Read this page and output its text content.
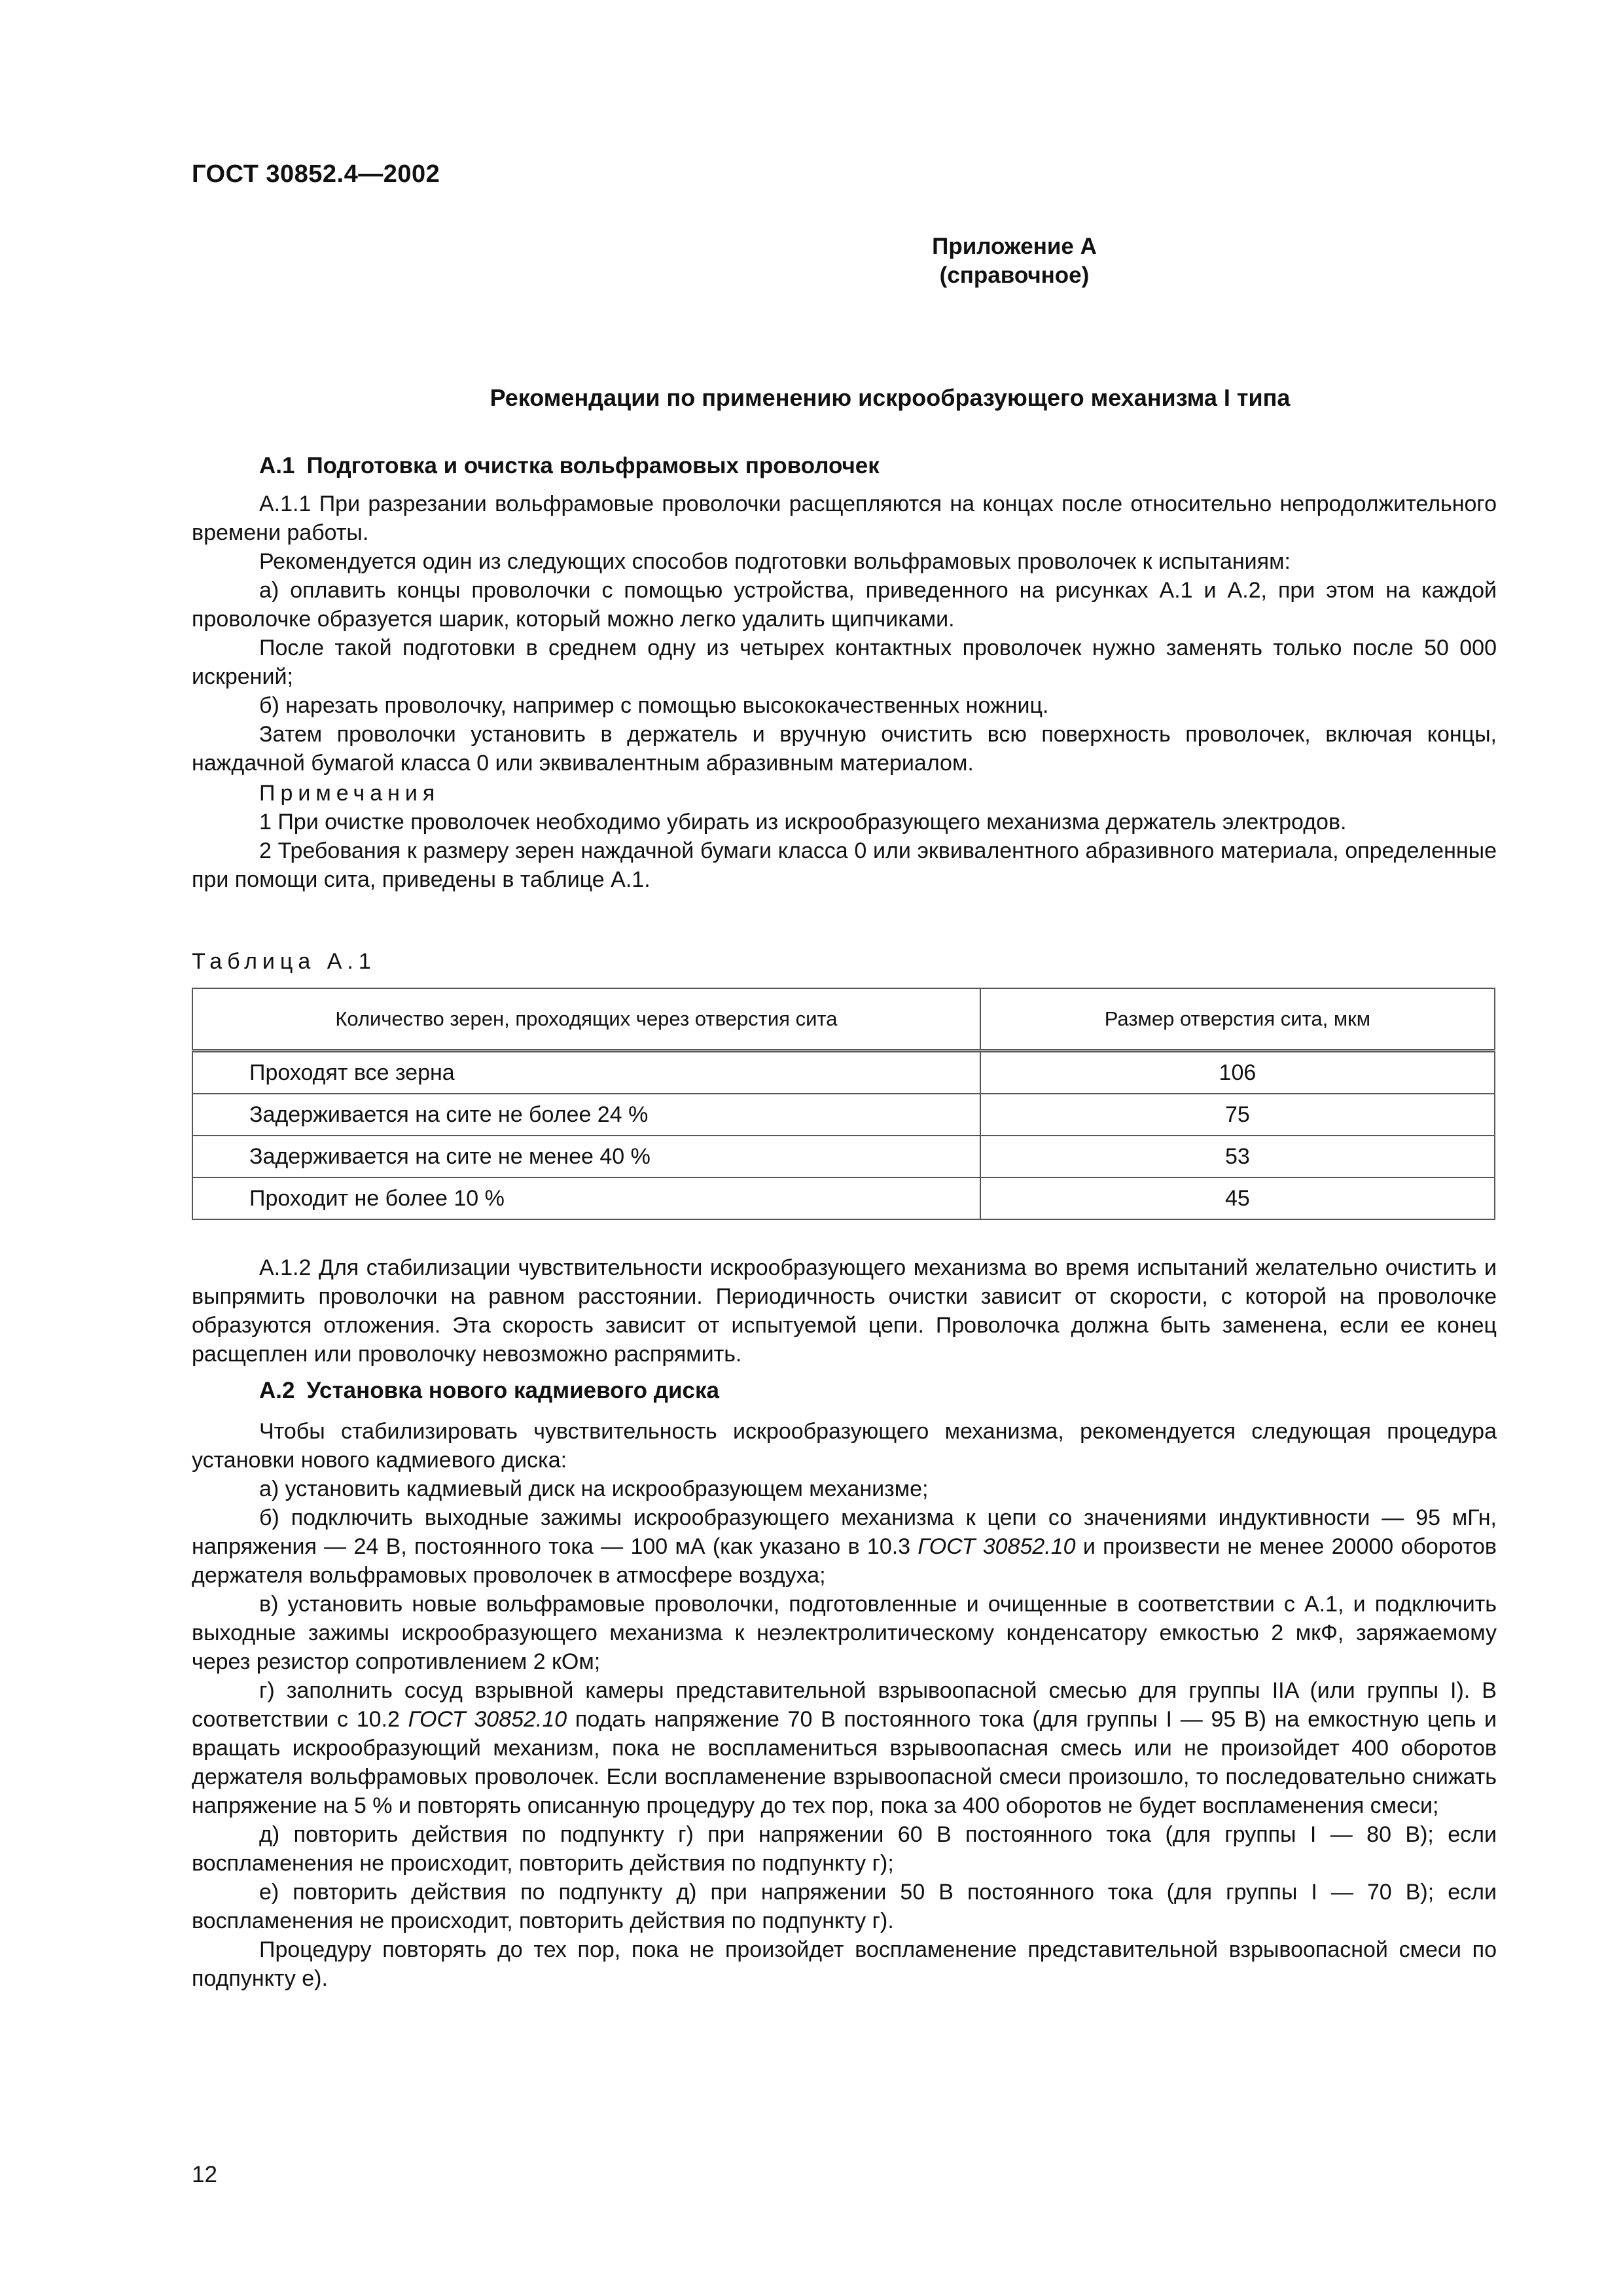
ГОСТ 30852.4—2002
Приложение А
(справочное)
Рекомендации по применению искрообразующего механизма I типа
А.1 Подготовка и очистка вольфрамовых проволочек

А.1.1 При разрезании вольфрамовые проволочки расщепляются на концах после относительно непродолжительного времени работы.

Рекомендуется один из следующих способов подготовки вольфрамовых проволочек к испытаниям:

а) оплавить концы проволочки с помощью устройства, приведенного на рисунках А.1 и А.2, при этом на каждой проволочке образуется шарик, который можно легко удалить щипчиками.

После такой подготовки в среднем одну из четырех контактных проволочек нужно заменять только после 50 000 искрений;

б) нарезать проволочку, например с помощью высококачественных ножниц.

Затем проволочки установить в держатель и вручную очистить всю поверхность проволочек, включая концы, наждачной бумагой класса 0 или эквивалентным абразивным материалом.

Примечания

1 При очистке проволочек необходимо убирать из искрообразующего механизма держатель электродов.

2 Требования к размеру зерен наждачной бумаги класса 0 или эквивалентного абразивного материала, определенные при помощи сита, приведены в таблице А.1.

Таблица А.1
Количество зерен, проходящих через отверстия сита	Размер отверстия сита, мкм
Проходят все зерна	106
Задерживается на сите не более 24 %	75
Задерживается на сите не менее 40 %	53
Проходит не более 10 %	45

А.1.2 Для стабилизации чувствительности искрообразующего механизма во время испытаний желательно очистить и выпрямить проволочки на равном расстоянии. Периодичность очистки зависит от скорости, с которой на проволочке образуются отложения. Эта скорость зависит от испытуемой цепи. Проволочка должна быть заменена, если ее конец расщеплен или проволочку невозможно распрямить.

А.2 Установка нового кадмиевого диска

Чтобы стабилизировать чувствительность искрообразующего механизма, рекомендуется следующая процедура установки нового кадмиевого диска:

а) установить кадмиевый диск на искрообразующем механизме;

б) подключить выходные зажимы искрообразующего механизма к цепи со значениями индуктивности — 95 мГн, напряжения — 24 В, постоянного тока — 100 мА (как указано в 10.3 ГОСТ 30852.10 и произвести не менее 20000 оборотов держателя вольфрамовых проволочек в атмосфере воздуха;

в) установить новые вольфрамовые проволочки, подготовленные и очищенные в соответствии с А.1, и подключить выходные зажимы искрообразующего механизма к неэлектролитическому конденсатору емкостью 2 мкФ, заряжаемому через резистор сопротивлением 2 кОм;

г) заполнить сосуд взрывной камеры представительной взрывоопасной смесью для группы IIA (или группы I). В соответствии с 10.2 ГОСТ 30852.10 подать напряжение 70 В постоянного тока (для группы I — 95 В) на емкостную цепь и вращать искрообразующий механизм, пока не воспламениться взрывоопасная смесь или не произойдет 400 оборотов держателя вольфрамовых проволочек. Если воспламенение взрывоопасной смеси произошло, то последовательно снижать напряжение на 5 % и повторять описанную процедуру до тех пор, пока за 400 оборотов не будет воспламенения смеси;

д) повторить действия по подпункту г) при напряжении 60 В постоянного тока (для группы I — 80 В); если воспламенения не происходит, повторить действия по подпункту г);

е) повторить действия по подпункту д) при напряжении 50 В постоянного тока (для группы I — 70 В); если воспламенения не происходит, повторить действия по подпункту г).

Процедуру повторять до тех пор, пока не произойдет воспламенение представительной взрывоопасной смеси по подпункту е).

12
